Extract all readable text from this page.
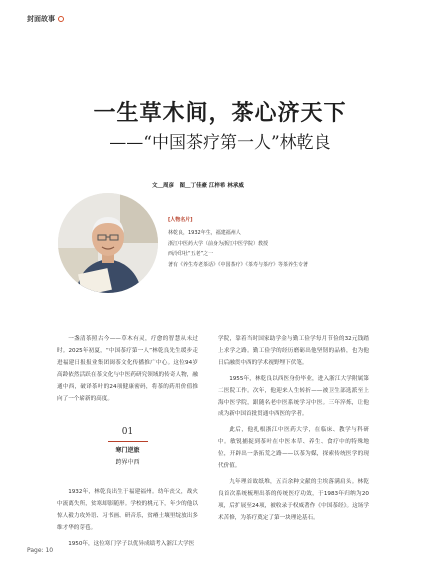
封面故事
一生草木间，茶心济天下
——“中国茶疗第一人”林乾良
文＿周彦　图＿丁佳豪 江梓希 林承威
[人物名片]
林乾良，1932年生，福建福州人
浙江中医药大学（前身为浙江中医学院）教授
西泠印社“五老”之一
著有《养生寿老茶话》《中国茶疗》《茶寿与茶疗》等茶养生专著

一盏清茶照古今——草木有灵，疗愈的智慧从未过时。2025年初夏，“中国茶疗第一人”林乾良先生缓步走进福建日报报业集团闽茶文化传播推广中心。这位94岁高龄依然活跃在茶文化与中医药研究领域的传奇人物，融通中西，破译茶叶的24项健康密码，将茶的药用价值推向了一个崭新的高度。

01
寒门逆旅
跨界中西

1932年，林乾良出生于福建福州。幼年丧父，战火中流离失所，贫寒却影随形。学校的桃元下，年少的他以惊人毅力攻外语、习书画、研音乐，贫瘠土壤里绽放出多维才华的芽苞。

1950年，这位寒门学子以优异成绩考入浙江大学医

学院，靠着当时国家助学金与勤工俭学每月节俭的32元钱踏上求学之路。勤工俭学的经历磨砺出他坚韧的品格，也为他日后融贯中西的学术视野埋下伏笔。

1955年，林乾良以西医身份毕业，进入浙江大学附属第二医院工作。次年，他迎来人生转折——被卫生部选派至上海中医学院，跟随名老中医系统学习中医。三年淬炼，让他成为新中国首批贯通中西医的学者。

此后，他扎根浙江中医药大学，在临床、教学与科研中。敏锐捕捉到茶叶在中医本草、养生、食疗中的特殊地位，开辟出一条拓荒之路——以茶为媒，探索传统医学的现代价值。

九年理首故纸堆，五百余种文献的尘埃落满肩头。林乾良首次系统梳理出茶的传统医疗功效，于1983年归纳为20项，后扩展至24项，被收录于权威著作《中国茶经》。这场学术苦修，为茶疗奠定了第一块理论基石。

Page: 10
